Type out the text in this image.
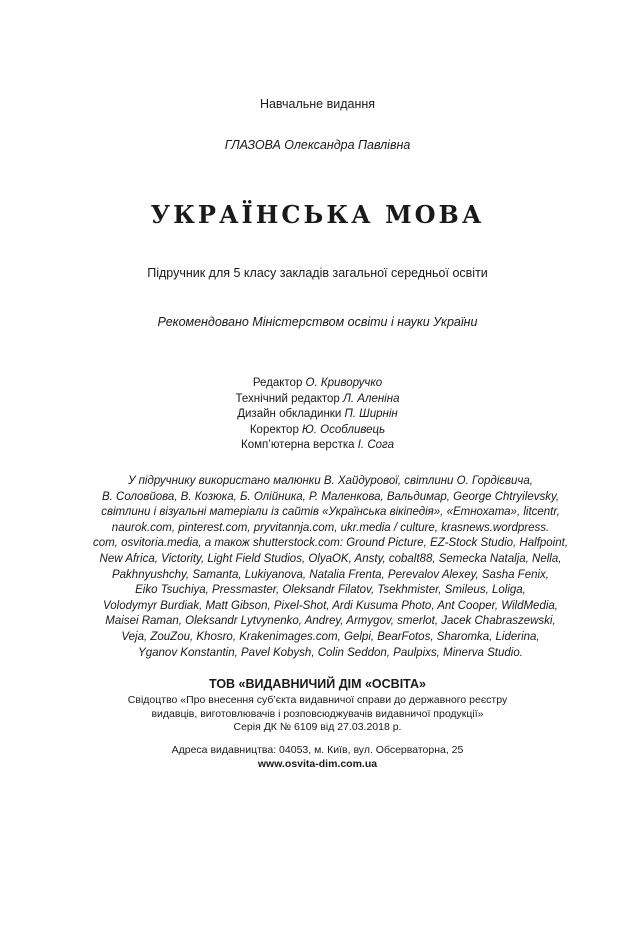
Навчальне видання
ГЛАЗОВА Олександра Павлівна
УКРАЇНСЬКА МОВА
Підручник для 5 класу закладів загальної середньої освіти
Рекомендовано Міністерством освіти і науки України
Редактор О. Криворучко
Технічний редактор Л. Аленіна
Дизайн обкладинки П. Ширнін
Коректор Ю. Особливець
Комп’ютерна верстка І. Сога
У підручнику використано малюнки В. Хайдурової, світлини О. Гордієвича,
В. Соловйова, В. Козюка, Б. Олійника, Р. Маленкова, Вальдимар, George Chtryilevsky,
світлини і візуальні матеріали із сайтів «Українська вікіпедія», «Етнохата», litcentr,
naurok.com, pinterest.com, pryvitannja.com, ukr.media / culture, krasnews.wordpress.
com, osvitoria.media, а також shutterstock.com: Ground Picture, EZ-Stock Studio, Halfpoint,
New Africa, Victority, Light Field Studios, OlyaOK, Ansty, cobalt88, Semecka Natalja, Nella,
Pakhnyushchy, Samanta, Lukiyanova, Natalia Frenta, Perevalov Alexey, Sasha Fenix,
Eiko Tsuchiya, Pressmaster, Oleksandr Filatov, Tsekhmister, Smileus, Loliga,
Volodymyr Burdiak, Matt Gibson, Pixel-Shot, Ardi Kusuma Photo, Ant Cooper, WildMedia,
Maisei Raman, Oleksandr Lytvynenko, Andrey, Armygov, smerlot, Jacek Chabraszewski,
Veja, ZouZou, Khosro, Krakenimages.com, Gelpi, BearFotos, Sharomka, Liderina,
Yganov Konstantin, Pavel Kobysh, Colin Seddon, Paulpixs, Minerva Studio.
ТОВ «ВИДАВНИЧИЙ ДІМ «ОСВІТА»
Свідоцтво «Про внесення суб’єкта видавничої справи до державного реєстру
видавців, виготовлювачів і розповсюджувачів видавничої продукції»
Серія ДК № 6109 від 27.03.2018 р.
Адреса видавництва: 04053, м. Київ, вул. Обсерваторна, 25
www.osvita-dim.com.ua
